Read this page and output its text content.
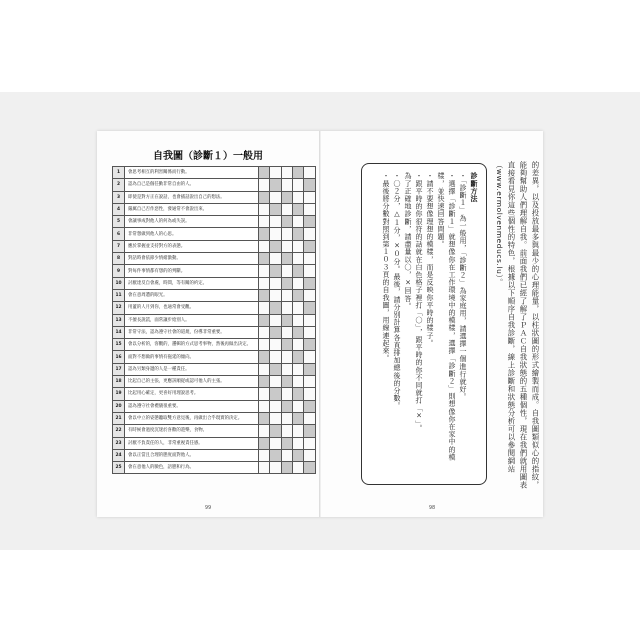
自我圖（診斷１）一般用
1	會思考相互的利害關係而行動。					
2	認為自己是個任勤非常自由的人。					
3	即使是對方正在說話，也會插話說出自己的想法。					
4	嚴厲自己否作惡性，發通常不會說出來。					
5	會讓事成對他人的何為或失誤。					
6	非常想做到他人的心思。					
7	應於掌握並支持對方的表態。					
8	對話時會依節少情緒激動。					
9	對每件事情都有想的的判斷。					
10	討厭達反自會處，時間，等有關的約定。					
11	會在意周遭的眼光。					
12	用蓋的人月到你，也通常會受觀。					
13	不擅長說謊，面常讓步給別人。					
14	非常守法，認為遵守社會的道規，份導非常重要。					
15	會以分析的，客觀的，邏輯的方式思考事物，然後再做出決定。					
16	面對不想做的事情有拖延的傾向。					
17	認為另類身邊的人是一種責任。					
18	比起自己的主張，更應該順從或認可他人的主張。					
19	比起用心確定，更喜好用理說思考。					
20	認為遵守社會禮儀很重要。					
21	會以中立的姿態聽取雙方意見後，再做出合乎現實的決定。					
22	有時候會過度沉迷於喜歡的遊樂，食物。					
23	討厭不負責任的人，非常重視責任感。					
24	會以正當且合理的態度面對他人。					
25	會在意他人的臉色，語態和行為。					
99
的差異，以及投放最多與最少的心理能量，以柱狀圖的形式繪製而成。自我圖類似心的指紋，能夠幫助人們理解自我。前面我們已經了解了ＰＡＣ自我狀態的五種個性，現在我們就用圖表直接看見你這些個性的特色，根據以下順序自我診斷，線上診斷和狀態分析可以參閱網站（www.ermolvenmeducs.lu）。
診斷方法
・「診斷１」為一般用，「診斷２」為家庭用，請選擇一個進行就好。
・選擇「診斷１」就想像你在工作環境中的模樣，選擇「診斷２」則想像你在家中的模樣，並快速回答問題。
・請不要想像理想的模樣，而是反映你平時的樣子。
・跟平時的你很符的話就在白色格子裡打「〇」，跟平時的你不同就打「×」。
為了正確地診斷，請盡量以〇，×回答。
・〇２分，△１分，×０分。最後，請分別計算各直排加總後的分數。
・最後將分數對照到第１０３頁的自我圖，用線連起來。
98
